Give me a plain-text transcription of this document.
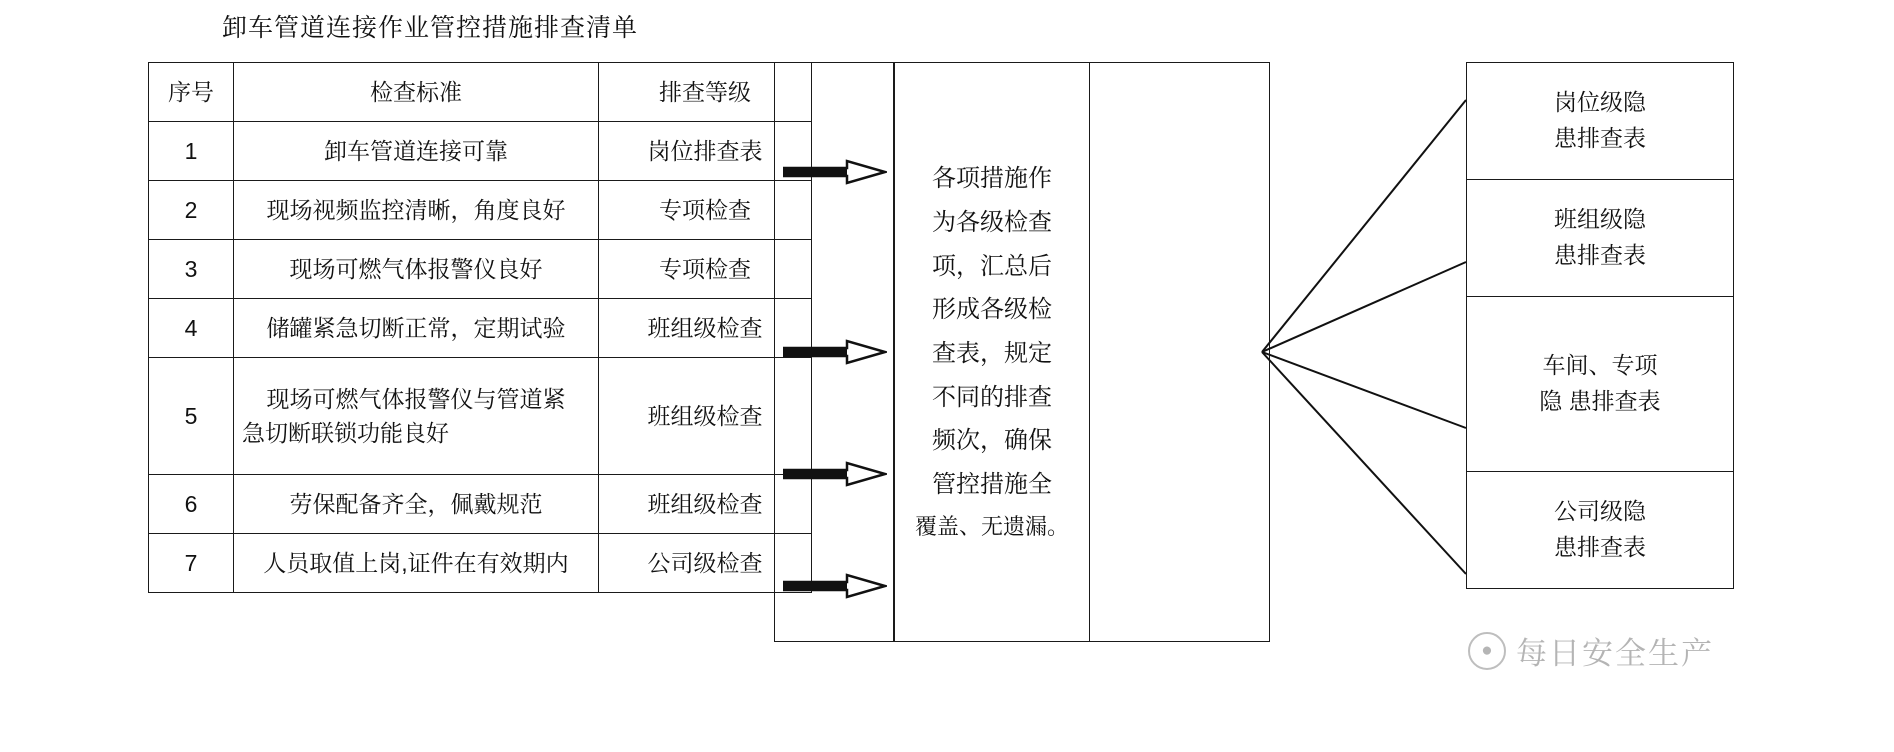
卸车管道连接作业管控措施排查清单
序号	检查标准	排查等级
1	卸车管道连接可靠	岗位排查表
2	现场视频监控清晰，角度良好	专项检查
3	现场可燃气体报警仪良好	专项检查
4	储罐紧急切断正常，定期试验	班组级检查
5	现场可燃气体报警仪与管道紧
急切断联锁功能良好	班组级检查
6	劳保配备齐全，佩戴规范	班组级检查
7	人员取值上岗,证件在有效期内	公司级检查
各项措施作
为各级检查
项，汇总后
形成各级检
查表，规定
不同的排查
频次，确保
管控措施全
覆盖、无遗漏。
岗位级隐
患排查表

班组级隐
患排查表

车间、专项
隐 患排查表

公司级隐
患排查表
● 每日安全生产
